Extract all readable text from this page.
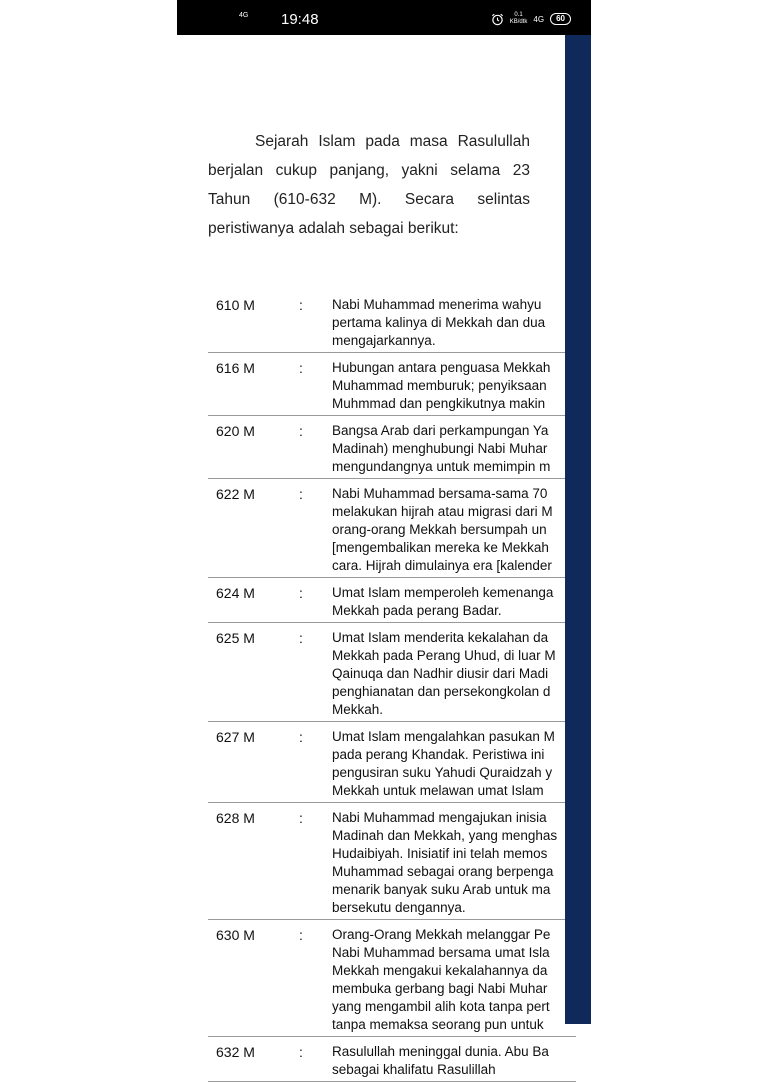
4G 19:48	0.1
KB/dtk 4G	60

Sejarah Islam pada masa Rasulullah berjalan cukup panjang, yakni selama 23 Tahun (610-632 M). Secara selintas peristiwanya adalah sebagai berikut:

610 M	: Nabi Muhammad menerima wahyu
pertama kalinya di Mekkah dan dua
mengajarkannya.
616 M	: Hubungan antara penguasa Mekkah
Muhammad memburuk; penyiksaan
Muhmmad dan pengkikutnya makin
620 M	: Bangsa Arab dari perkampungan Ya
Madinah) menghubungi Nabi Muhar
mengundangnya untuk memimpin m
622 M	: Nabi Muhammad bersama-sama 70
melakukan hijrah atau migrasi dari M
orang-orang Mekkah bersumpah un
[mengembalikan mereka ke Mekkah
cara. Hijrah dimulainya era [kalender
624 M	: Umat Islam memperoleh kemenanga
Mekkah pada perang Badar.
625 M	: Umat Islam menderita kekalahan da
Mekkah pada Perang Uhud, di luar M
Qainuqa dan Nadhir diusir dari Madi
penghianatan dan persekongkolan d
Mekkah.
627 M	: Umat Islam mengalahkan pasukan M
pada perang Khandak. Peristiwa ini
pengusiran suku Yahudi Quraidzah y
Mekkah untuk melawan umat Islam
628 M	: Nabi Muhammad mengajukan inisia
Madinah dan Mekkah, yang menghas
Hudaibiyah. Inisiatif ini telah memos
Muhammad sebagai orang berpenga
menarik banyak suku Arab untuk ma
bersekutu dengannya.
630 M	: Orang-Orang Mekkah melanggar Pe
Nabi Muhammad bersama umat Isla
Mekkah mengakui kekalahannya da
membuka gerbang bagi Nabi Muhar
yang mengambil alih kota tanpa pert
tanpa memaksa seorang pun untuk
632 M	: Rasulullah meninggal dunia. Abu Ba
sebagai khalifatu Rasulillah
